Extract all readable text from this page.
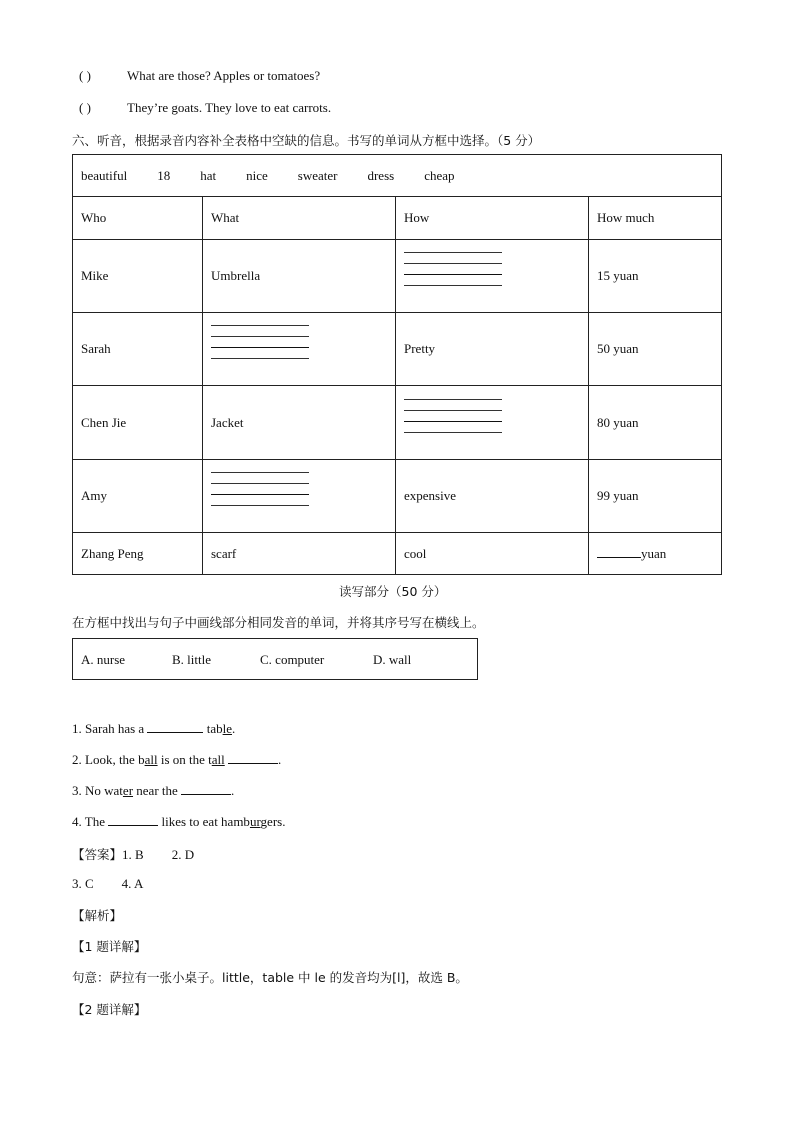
( )	What are those? Apples or tomatoes?
( )	They’re goats. They love to eat carrots.
六、听音，根据录音内容补全表格中空缺的信息。书写的单词从方框中选择。（5 分）
beautiful 18 hat nice sweater dress cheap			
Who	What	How	How much
Mike	Umbrella		15 yuan
Sarah		Pretty	50 yuan
Chen Jie	Jacket		80 yuan
Amy		expensive	99 yuan
Zhang Peng	scarf	cool	yuan
读写部分（50 分）
在方框中找出与句子中画线部分相同发音的单词，并将其序号写在横线上。
A. nurse	B. little	C. computer	D. wall
1. Sarah has a	table.
2. Look, the ball is on the tall	.
3. No water near the	.
4. The	likes to eat hamburgers.
【答案】1. B 2. D
3. C 4. A
【解析】
【1 题详解】
句意：萨拉有一张小桌子。little，table 中 le 的发音均为[l]，故选 B。
【2 题详解】
